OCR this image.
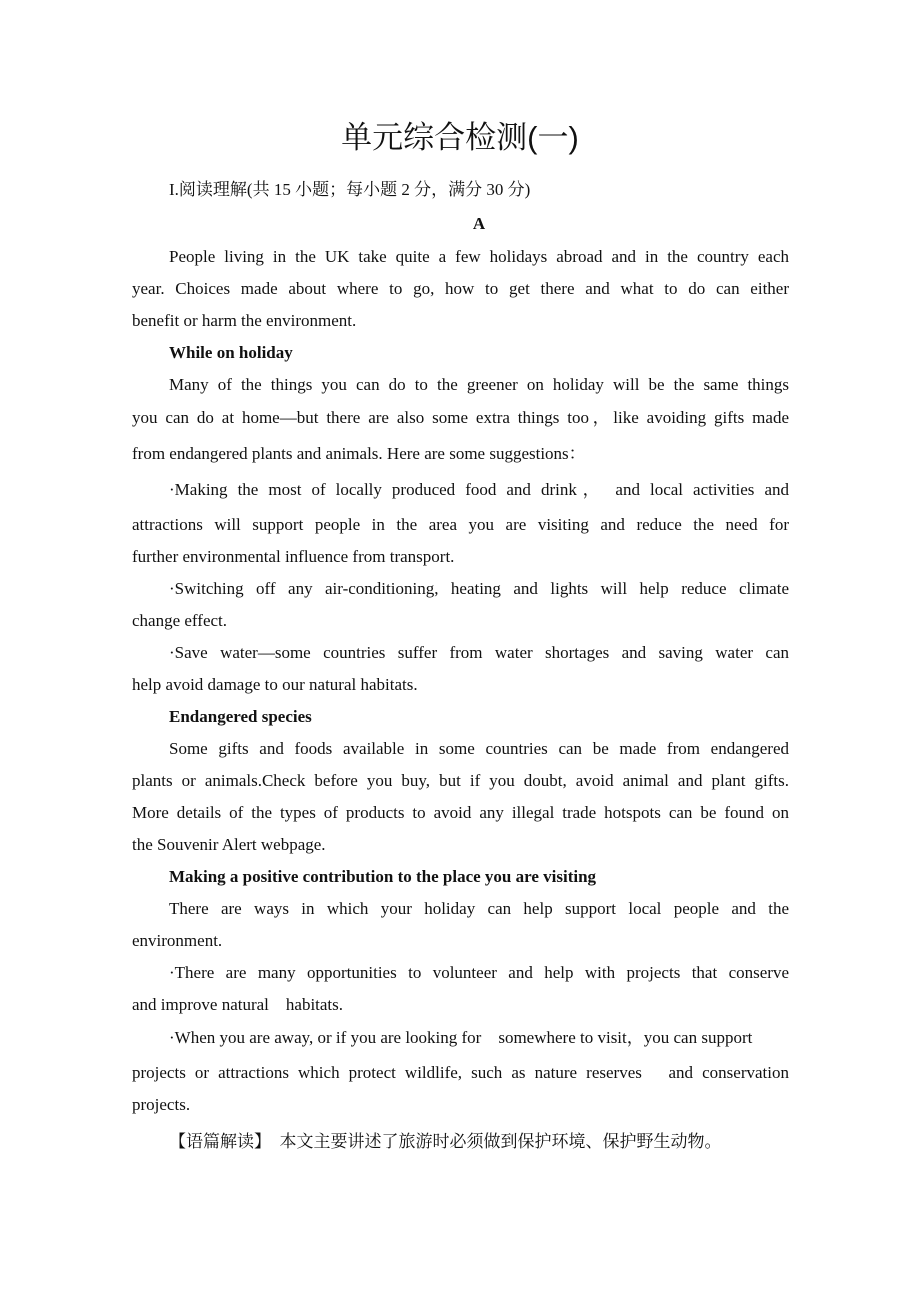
单元综合检测(一)
I.阅读理解(共 15 小题；每小题 2 分，满分 30 分)
A
People living in the UK take quite a few holidays abroad and in the country each
year. Choices made about where to go, how to get there and what to do can either
benefit or harm the environment.
While on holiday
Many of the things you can do to the greener on holiday will be the same things
you can do at home—but there are also some extra things too，like avoiding gifts made
from endangered plants and animals. Here are some suggestions：
·Making the most of locally produced food and drink， and local activities and
attractions will support people in the area you are visiting and reduce the need for
further environmental influence from transport.
·Switching off any air-conditioning, heating and lights will help reduce climate
change effect.
·Save water—some countries suffer from water shortages and saving water can
help avoid damage to our natural habitats.
Endangered species
Some gifts and foods available in some countries can be made from endangered
plants or animals.Check before you buy, but if you doubt, avoid animal and plant gifts.
More details of the types of products to avoid any illegal trade hotspots can be found on
the Souvenir Alert webpage.
Making a positive contribution to the place you are visiting
There are ways in which your holiday can help support local people and the
environment.
·There are many opportunities to volunteer and help with projects that conserve
and improve natural　habitats.
·When you are away, or if you are looking for　somewhere to visit，you can support
projects or attractions which protect wildlife, such as nature reserves　and conservation
projects.
【语篇解读】　本文主要讲述了旅游时必须做到保护环境、保护野生动物。
